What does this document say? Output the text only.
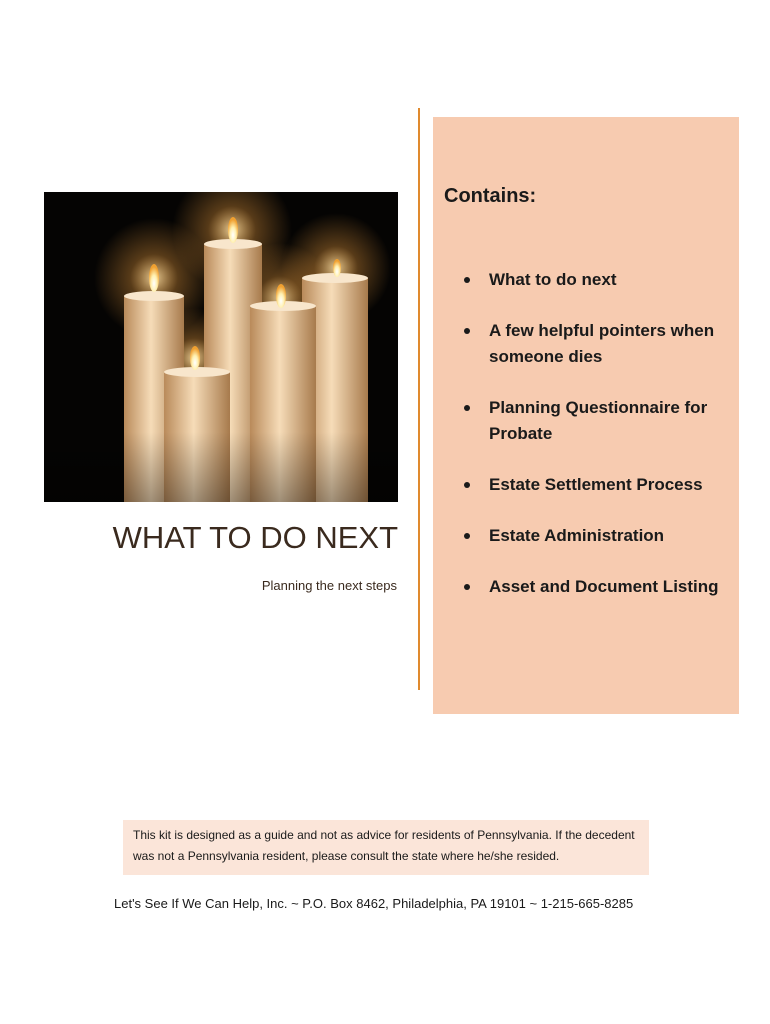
WHAT TO DO NEXT
Planning the next steps
Contains:
What to do next
A few helpful pointers when someone dies
Planning Questionnaire for Probate
Estate Settlement Process
Estate Administration
Asset and Document Listing
This kit is designed as a guide and not as advice for residents of Pennsylvania. If the decedent was not a Pennsylvania resident, please consult the state where he/she resided.
Let's See If We Can Help, Inc. ~ P.O. Box 8462, Philadelphia, PA 19101 ~ 1-215-665-8285
